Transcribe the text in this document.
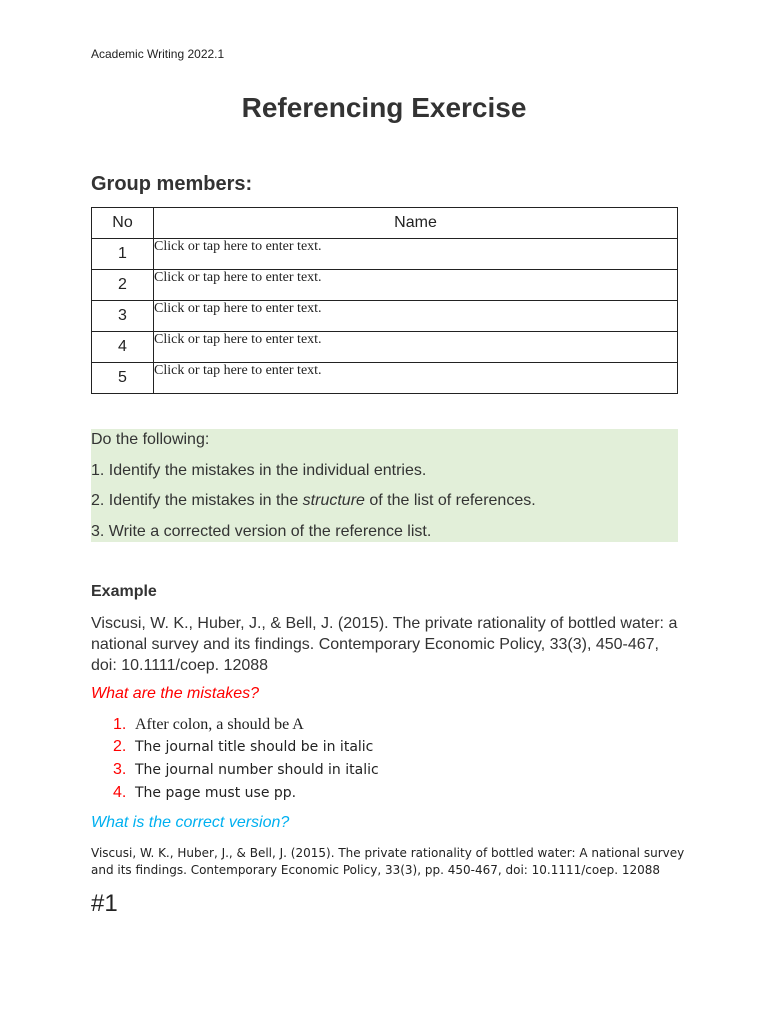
Academic Writing 2022.1
Referencing Exercise
Group members:
No	Name
1	Click or tap here to enter text.
2	Click or tap here to enter text.
3	Click or tap here to enter text.
4	Click or tap here to enter text.
5	Click or tap here to enter text.

Do the following:

1. Identify the mistakes in the individual entries.

2. Identify the mistakes in the structure of the list of references.

3. Write a corrected version of the reference list.

Example
Viscusi, W. K., Huber, J., & Bell, J. (2015). The private rationality of bottled water: a national survey and its findings. Contemporary Economic Policy, 33(3), 450-467, doi: 10.1111/coep. 12088
What are the mistakes?
1. After colon, a should be A
2. The journal title should be in italic
3. The journal number should in italic
4. The page must use pp.
What is the correct version?
Viscusi, W. K., Huber, J., & Bell, J. (2015). The private rationality of bottled water: A national survey and its findings. Contemporary Economic Policy, 33(3), pp. 450-467, doi: 10.1111/coep. 12088
#1
